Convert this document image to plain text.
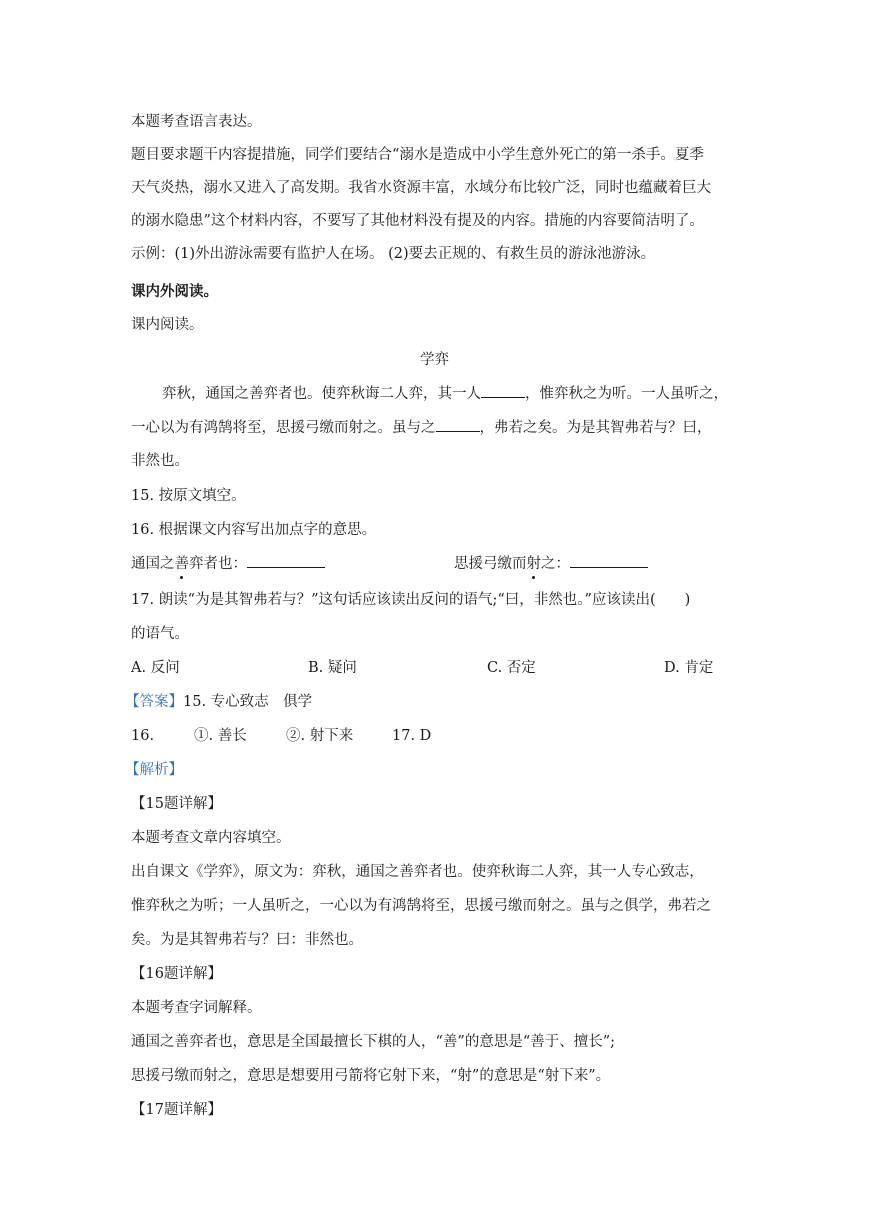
本题考查语言表达。
题目要求题干内容提措施，同学们要结合“溺水是造成中小学生意外死亡的第一杀手。夏季
天气炎热，溺水又进入了高发期。我省水资源丰富，水域分布比较广泛，同时也蕴藏着巨大
的溺水隐患”这个材料内容，不要写了其他材料没有提及的内容。措施的内容要简洁明了。
示例：(1)外出游泳需要有监护人在场。 (2)要去正规的、有救生员的游泳池游泳。
课内外阅读。
课内阅读。
学弈
弈秋，通国之善弈者也。使弈秋诲二人弈，其一人	，惟弈秋之为听。一人虽听之，
一心以为有鸿鹄将至，思援弓缴而射之。虽与之	，弗若之矣。为是其智弗若与？曰，
非然也。
15. 按原文填空。
16. 根据课文内容写出加点字的意思。
通国之善弈者也：	思援弓缴而射之：
17. 朗读“为是其智弗若与？”这句话应该读出反问的语气;“曰，非然也。”应该读出(　　)
的语气。
A. 反问	B. 疑问	C. 否定	D. 肯定
【答案】15. 专心致志　俱学
16.	①. 善长	②. 射下来	17. D
【解析】
【15题详解】
本题考查文章内容填空。
出自课文《学弈》，原文为：弈秋，通国之善弈者也。使弈秋诲二人弈，其一人专心致志，
惟弈秋之为听；一人虽听之，一心以为有鸿鹄将至，思援弓缴而射之。虽与之俱学，弗若之
矣。为是其智弗若与？曰：非然也。
【16题详解】
本题考查字词解释。
通国之善弈者也，意思是全国最擅长下棋的人，“善”的意思是“善于、擅长”;
思援弓缴而射之，意思是想要用弓箭将它射下来，“射”的意思是“射下来”。
【17题详解】
